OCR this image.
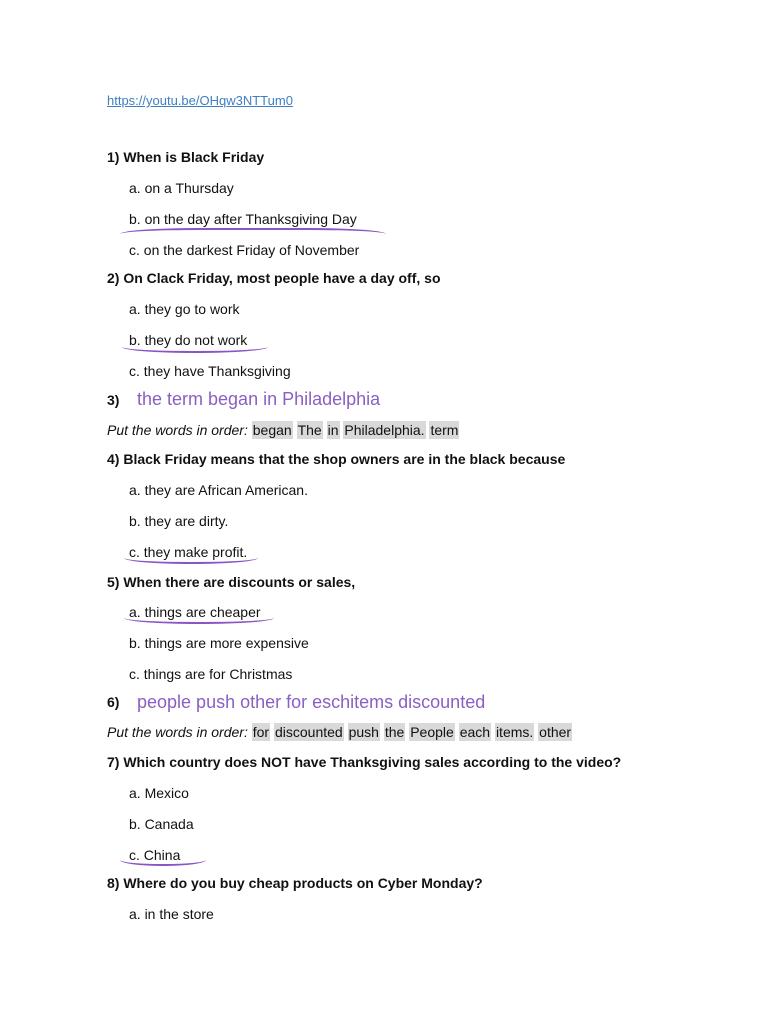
https://youtu.be/OHqw3NTTum0
1) When is Black Friday
a. on a Thursday
b. on the day after Thanksgiving Day
c. on the darkest Friday of November
2) On Clack Friday, most people have a day off, so
a. they go to work
b. they do not work
c. they have Thanksgiving
3) the term began in Philadelphia
Put the words in order: began The in Philadelphia. term
4) Black Friday means that the shop owners are in the black because
a. they are African American.
b. they are dirty.
c. they make profit.
5) When there are discounts or sales,
a. things are cheaper
b. things are more expensive
c. things are for Christmas
6) people push other for eschitems discounted
Put the words in order: for discounted push the People each items. other
7) Which country does NOT have Thanksgiving sales according to the video?
a. Mexico
b. Canada
c. China
8) Where do you buy cheap products on Cyber Monday?
a. in the store
